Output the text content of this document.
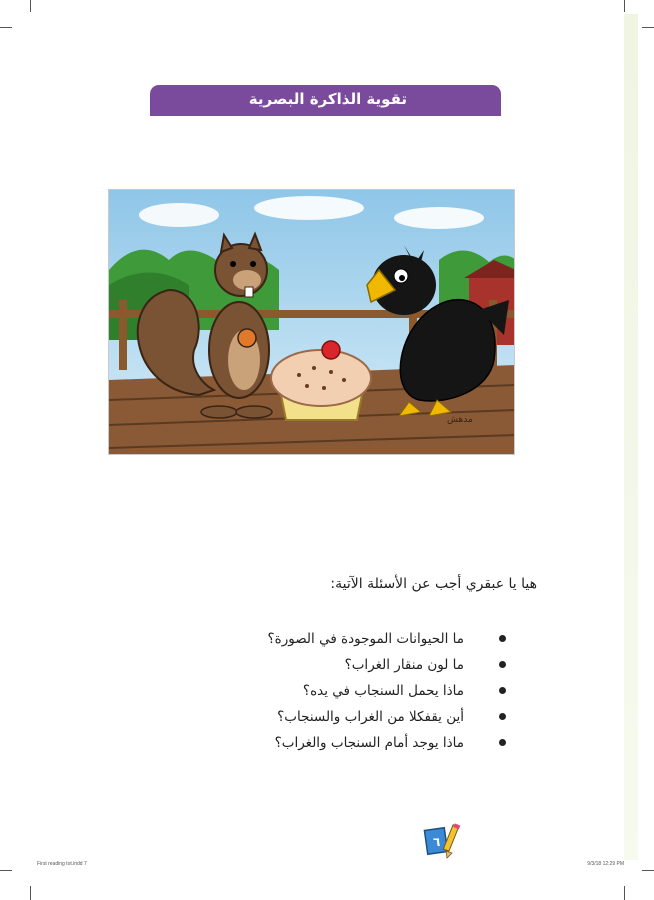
تقوية الذاكرة البصرية
مدهش

هيا يا عبقري أجب عن الأسئلة الآتية:

ما الحيوانات الموجودة في الصورة؟
ما لون منقار الغراب؟
ماذا يحمل السنجاب في يده؟
أين يقفكلا من الغراب والسنجاب؟
ماذا يوجد أمام السنجاب والغراب؟
٦
First reading tot.indd 7	9/3/18 12:29 PM
